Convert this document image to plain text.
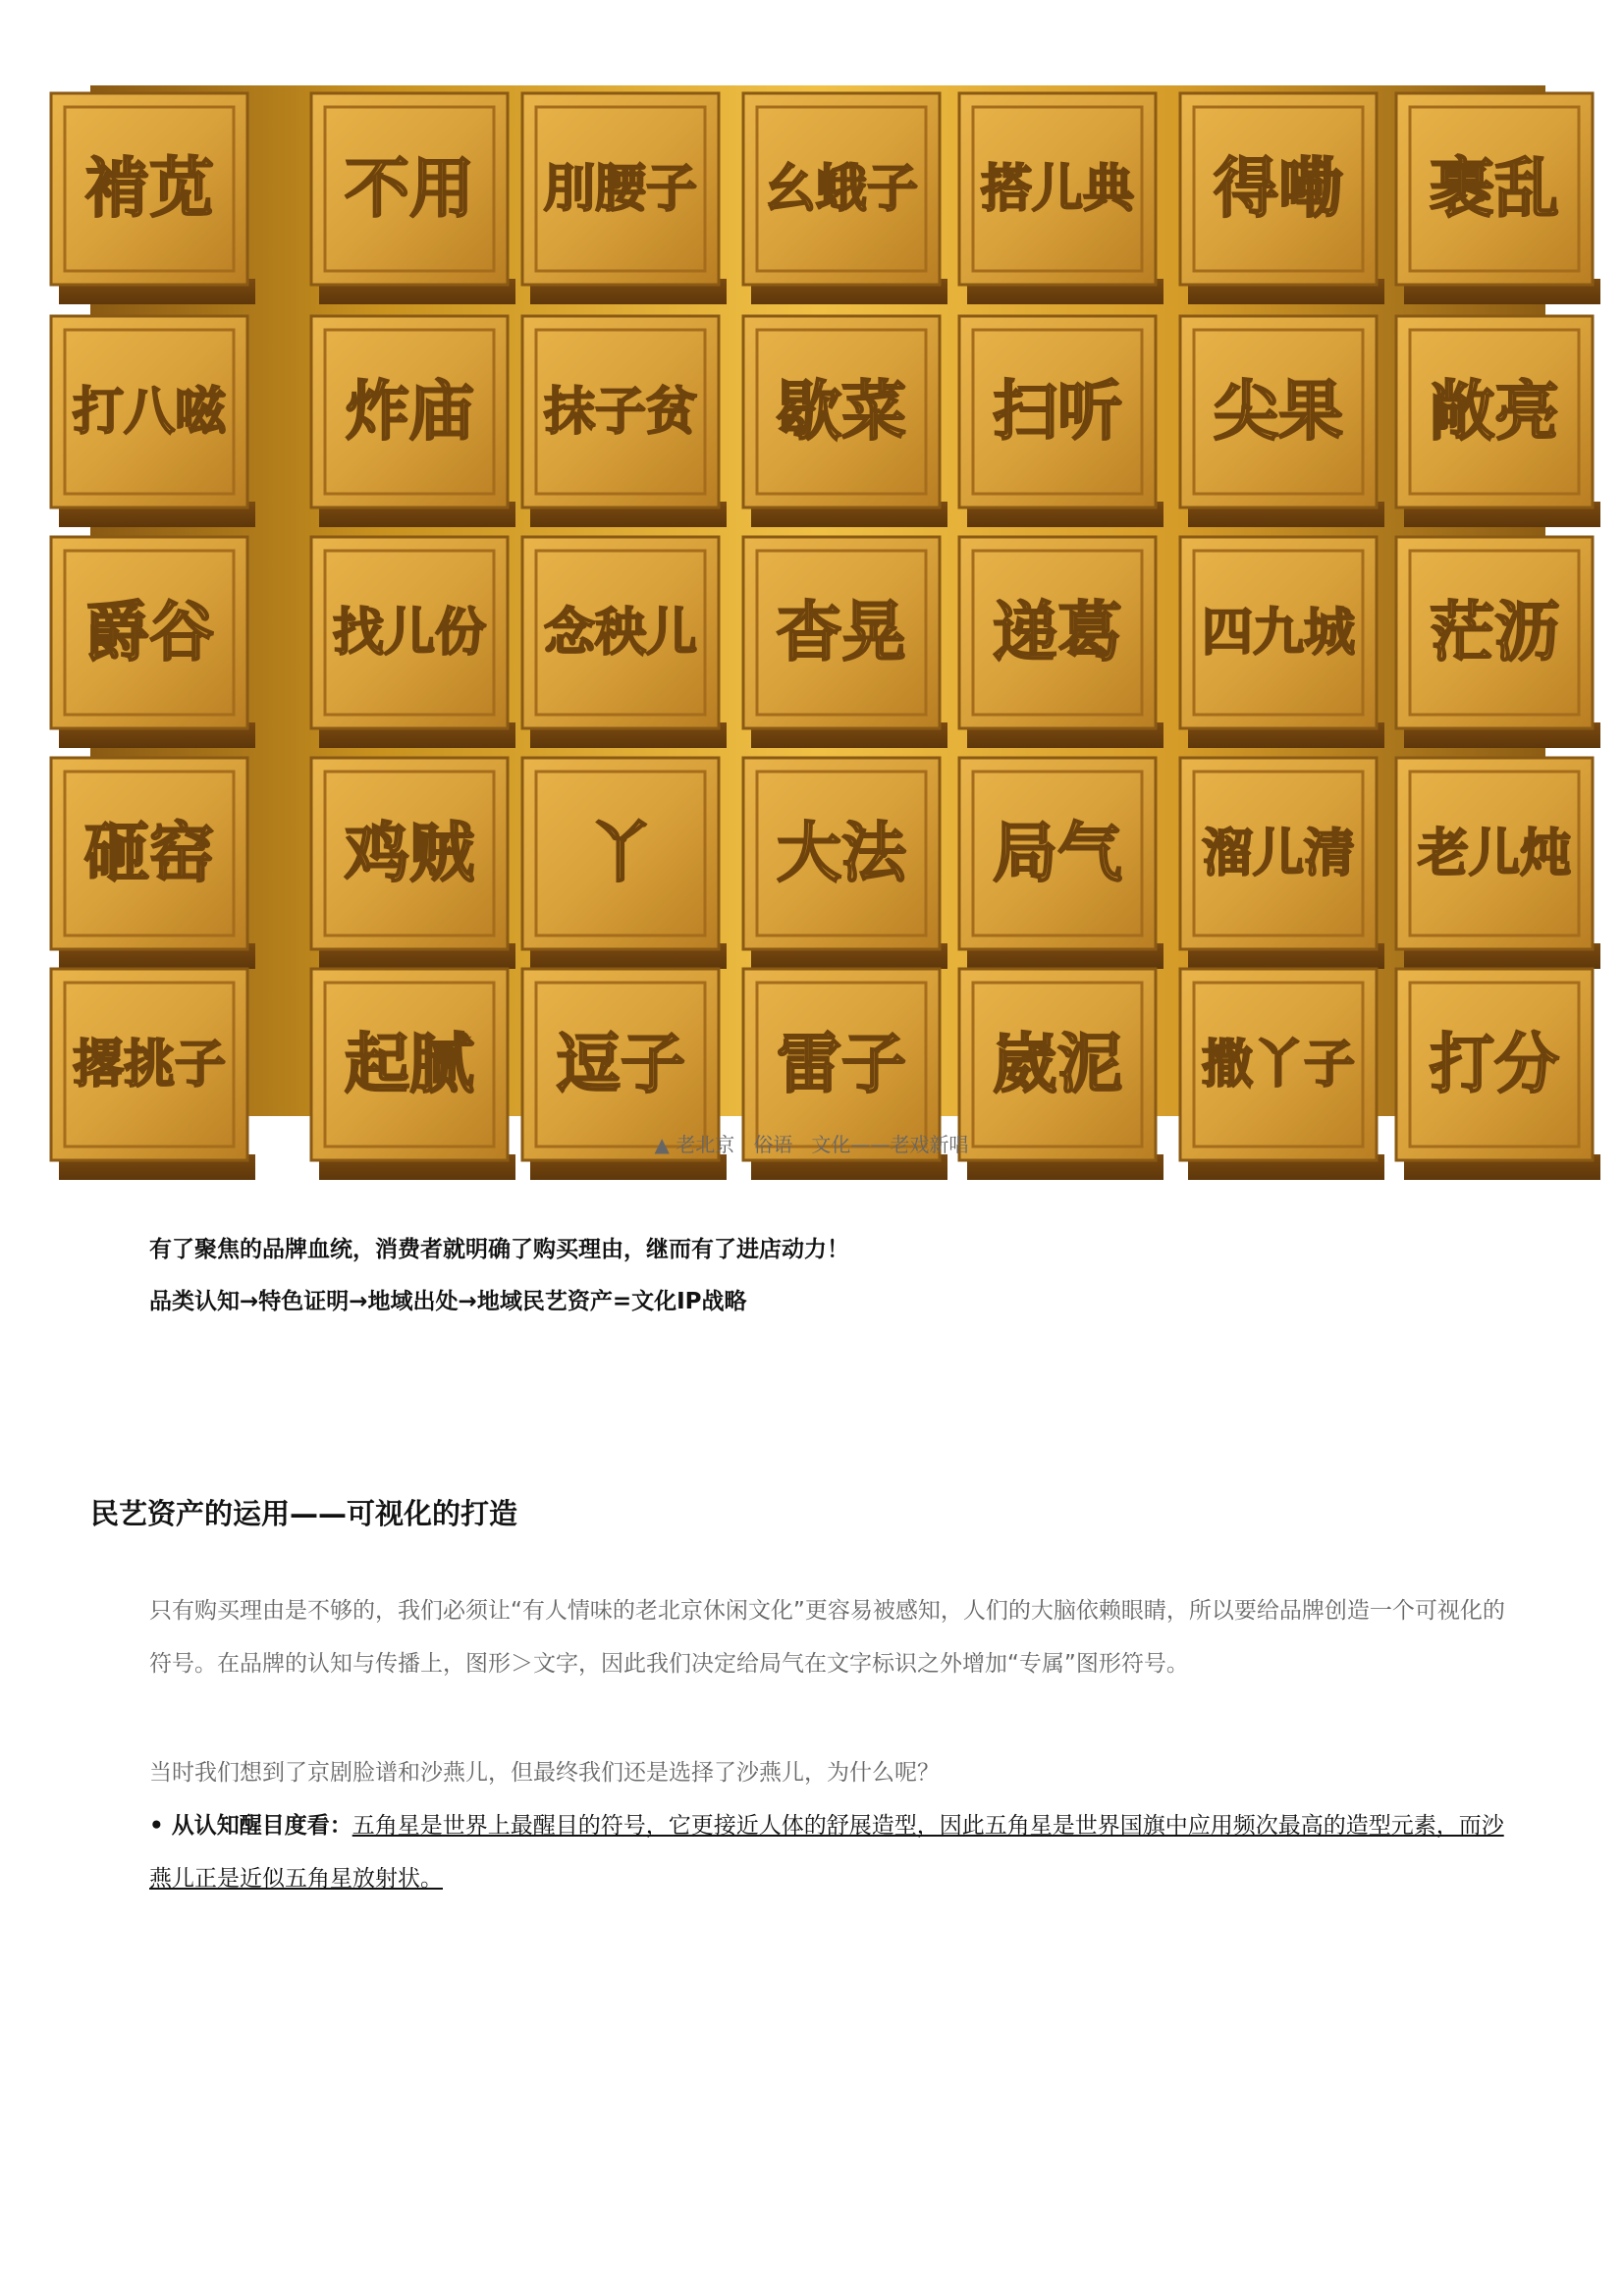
褃苋 不用 刖腰子 幺蛾子 搭儿典 得嘞 裹乱
打八嗞 炸庙 抹子贫 歇菜 扫听 尖果 敞亮
爵谷 找儿份 念秧儿 杳晃 递葛 四九城 茫沥
砸窑 鸡贼 丫 大法 局气 溜儿清 老儿炖
撂挑子 起腻 逗子 雷子 崴泥 撒丫子 打分
▲ 老北京   俗语   文化——老戏新唱
有了聚焦的品牌血统，消费者就明确了购买理由，继而有了进店动力！
品类认知→特色证明→地域出处→地域民艺资产=文化IP战略
民艺资产的运用——可视化的打造
只有购买理由是不够的，我们必须让“有人情味的老北京休闲文化”更容易被感知，人们的大脑依赖眼睛，所以要给品牌创造一个可视化的符号。在品牌的认知与传播上，图形＞文字，因此我们决定给局气在文字标识之外增加“专属”图形符号。
当时我们想到了京剧脸谱和沙燕儿，但最终我们还是选择了沙燕儿，为什么呢？
• 从认知醒目度看：五角星是世界上最醒目的符号，它更接近人体的舒展造型，因此五角星是世界国旗中应用频次最高的造型元素，而沙燕儿正是近似五角星放射状。
